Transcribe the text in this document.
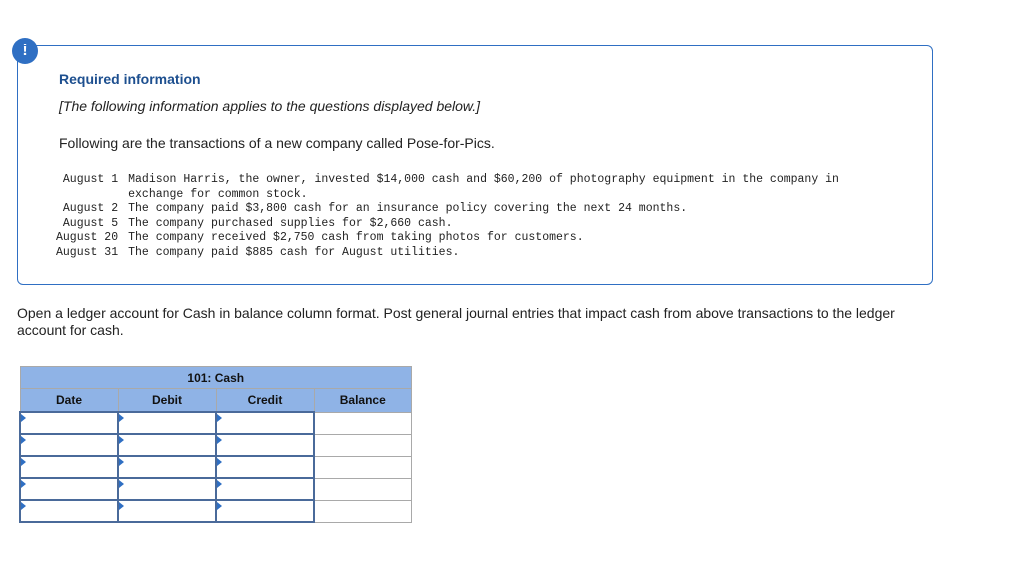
!
Required information
[The following information applies to the questions displayed below.]
Following are the transactions of a new company called Pose-for-Pics.
August 1	Madison Harris, the owner, invested $14,000 cash and $60,200 of photography equipment in the company in exchange for common stock.
August 2	The company paid $3,800 cash for an insurance policy covering the next 24 months.
August 5	The company purchased supplies for $2,660 cash.
August 20	The company received $2,750 cash from taking photos for customers.
August 31	The company paid $885 cash for August utilities.
Open a ledger account for Cash in balance column format. Post general journal entries that impact cash from above transactions to the ledger account for cash.
101: Cash			
Date	Debit	Credit	Balance
